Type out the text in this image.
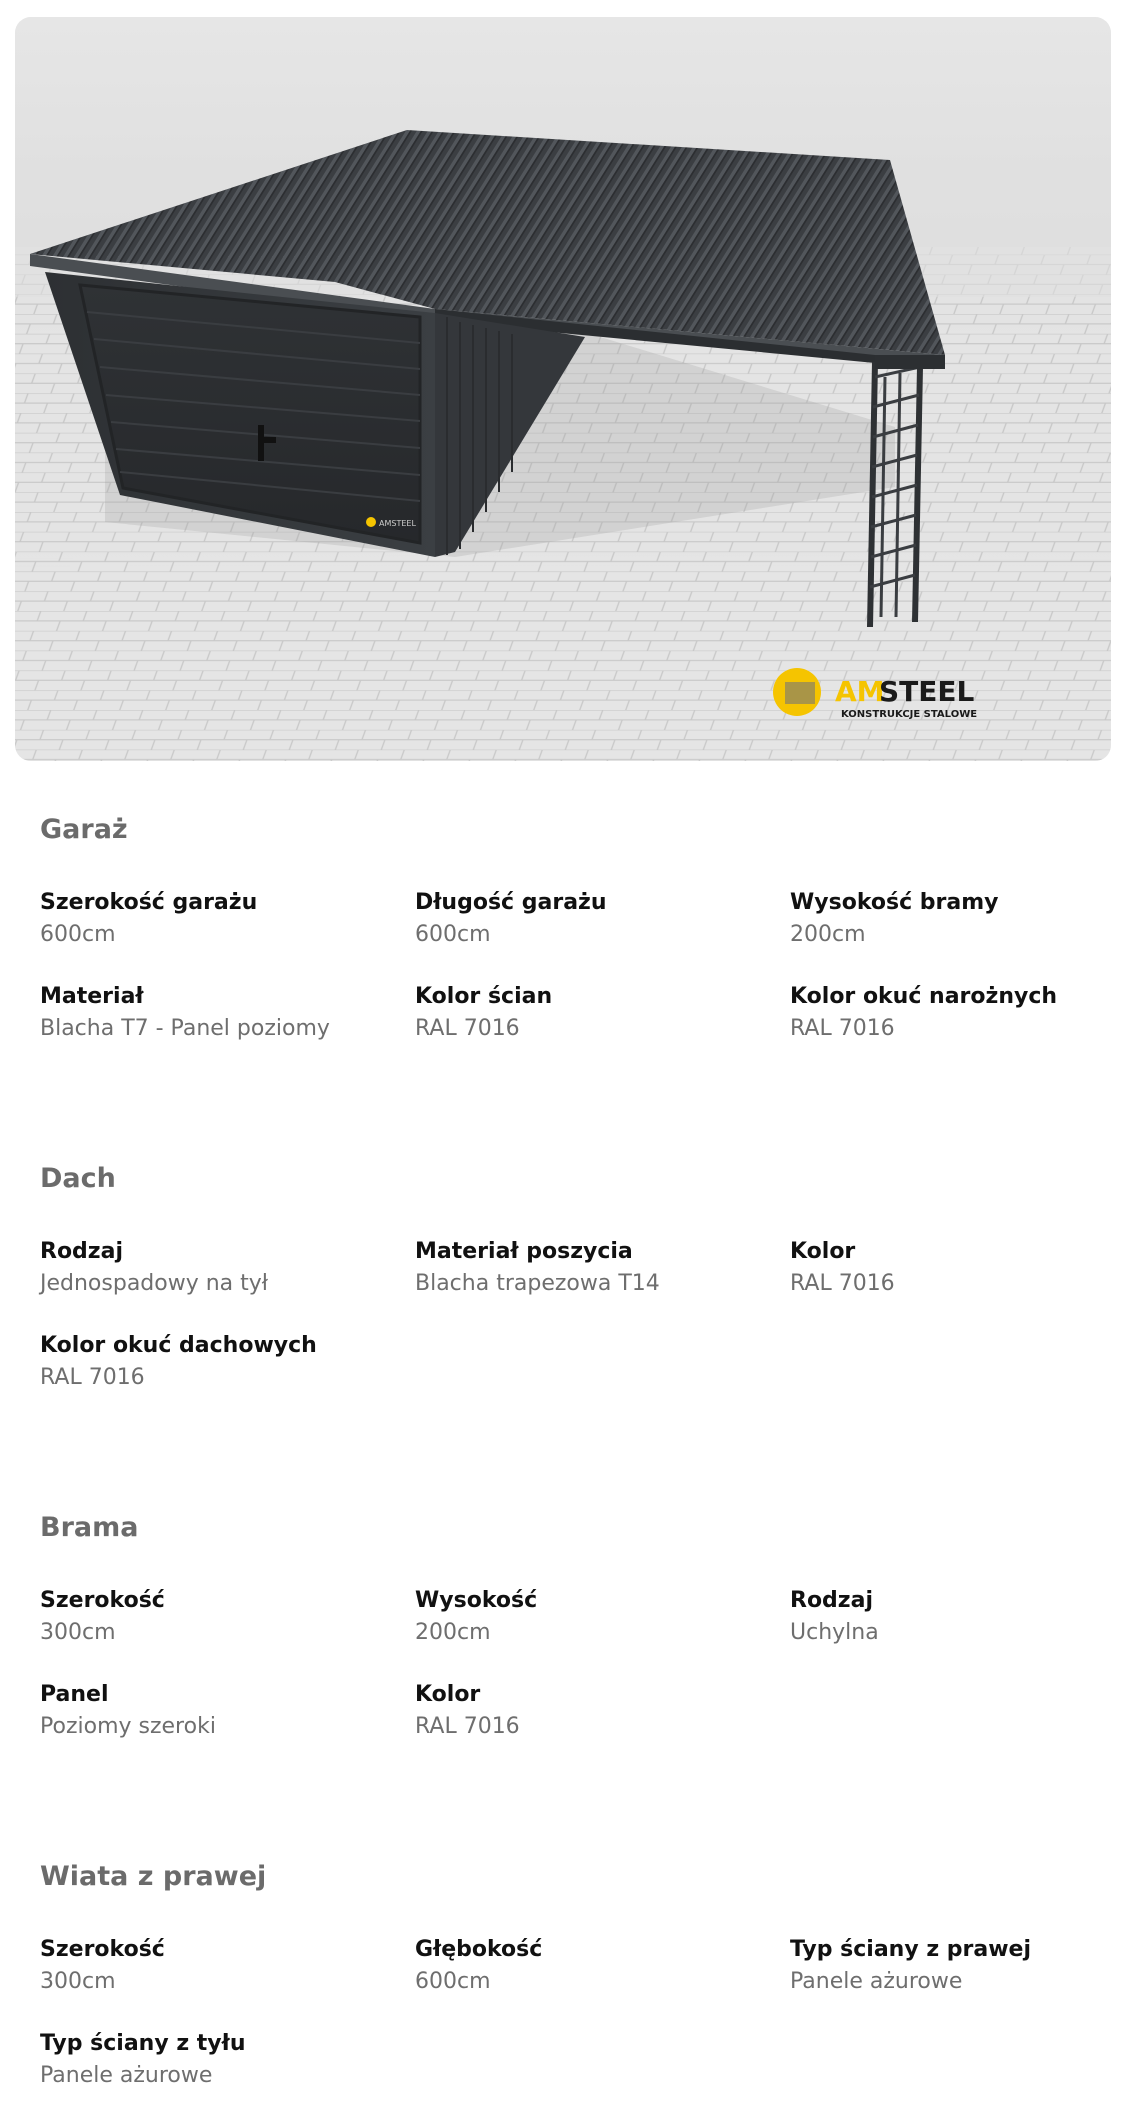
AMSTEEL
AM
STEEL
KONSTRUKCJE STALOWE
Garaż
Szerokość garażu
600cm
Długość garażu
600cm
Wysokość bramy
200cm
Materiał
Blacha T7 - Panel poziomy
Kolor ścian
RAL 7016
Kolor okuć narożnych
RAL 7016
Dach
Rodzaj
Jednospadowy na tył
Materiał poszycia
Blacha trapezowa T14
Kolor
RAL 7016
Kolor okuć dachowych
RAL 7016
Brama
Szerokość
300cm
Wysokość
200cm
Rodzaj
Uchylna
Panel
Poziomy szeroki
Kolor
RAL 7016
Wiata z prawej
Szerokość
300cm
Głębokość
600cm
Typ ściany z prawej
Panele ażurowe
Typ ściany z tyłu
Panele ażurowe
